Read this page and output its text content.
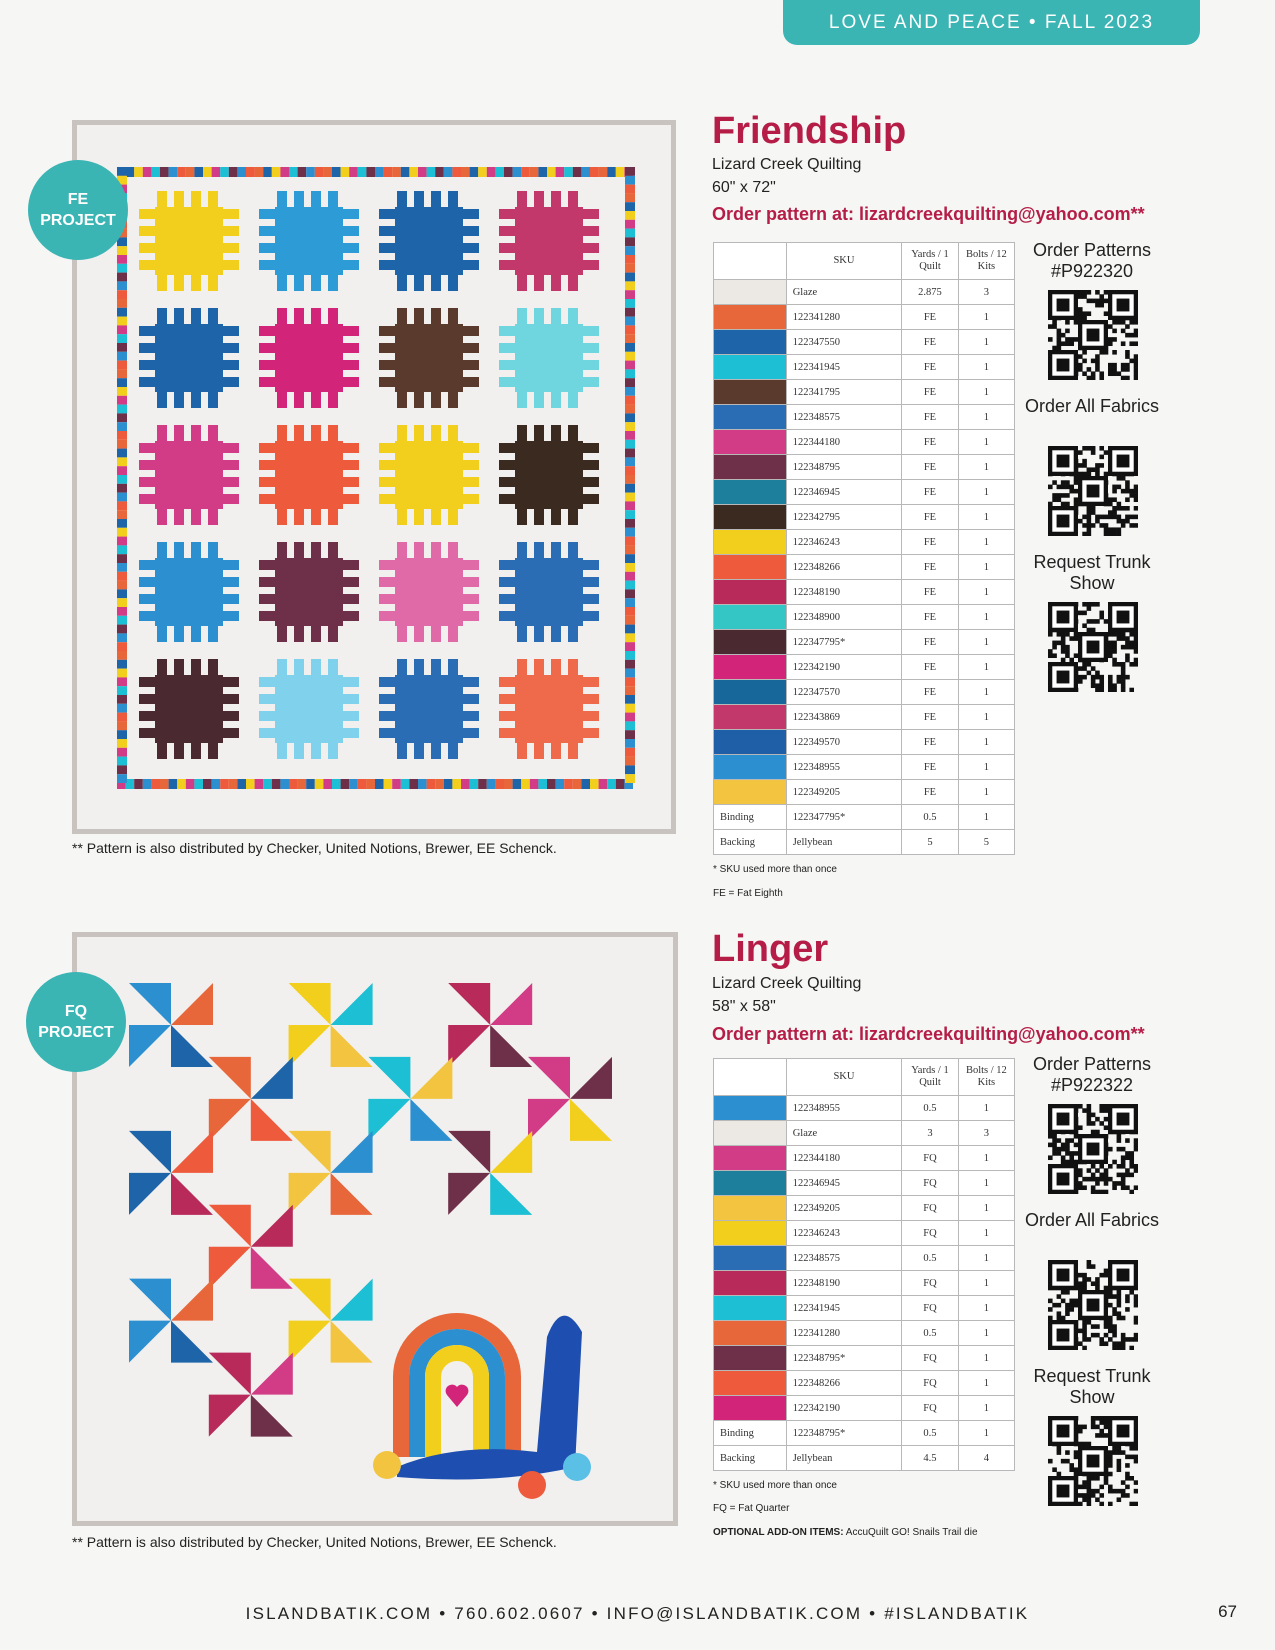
LOVE AND PEACE • FALL 2023
FE
PROJECT
** Pattern is also distributed by Checker, United Notions, Brewer, EE Schenck.
Friendship
Lizard Creek Quilting
60" x 72"
Order pattern at: lizardcreekquilting@yahoo.com**
	SKU	Yards / 1 Quilt	Bolts / 12 Kits
	Glaze	2.875	3
	122341280	FE	1
	122347550	FE	1
	122341945	FE	1
	122341795	FE	1
	122348575	FE	1
	122344180	FE	1
	122348795	FE	1
	122346945	FE	1
	122342795	FE	1
	122346243	FE	1
	122348266	FE	1
	122348190	FE	1
	122348900	FE	1
	122347795*	FE	1
	122342190	FE	1
	122347570	FE	1
	122343869	FE	1
	122349570	FE	1
	122348955	FE	1
	122349205	FE	1
Binding	122347795*	0.5	1
Backing	Jellybean	5	5
* SKU used more than once
FE = Fat Eighth
Order Patterns #P922320
Order All Fabrics
Request Trunk Show
FQ
PROJECT
** Pattern is also distributed by Checker, United Notions, Brewer, EE Schenck.
Linger
Lizard Creek Quilting
58" x 58"
Order pattern at: lizardcreekquilting@yahoo.com**
	SKU	Yards / 1 Quilt	Bolts / 12 Kits
	122348955	0.5	1
	Glaze	3	3
	122344180	FQ	1
	122346945	FQ	1
	122349205	FQ	1
	122346243	FQ	1
	122348575	0.5	1
	122348190	FQ	1
	122341945	FQ	1
	122341280	0.5	1
	122348795*	FQ	1
	122348266	FQ	1
	122342190	FQ	1
Binding	122348795*	0.5	1
Backing	Jellybean	4.5	4
* SKU used more than once
FQ = Fat Quarter
OPTIONAL ADD-ON ITEMS: AccuQuilt GO! Snails Trail die
Order Patterns #P922322
Order All Fabrics
Request Trunk Show
ISLANDBATIK.COM • 760.602.0607 • INFO@ISLANDBATIK.COM • #ISLANDBATIK	67
